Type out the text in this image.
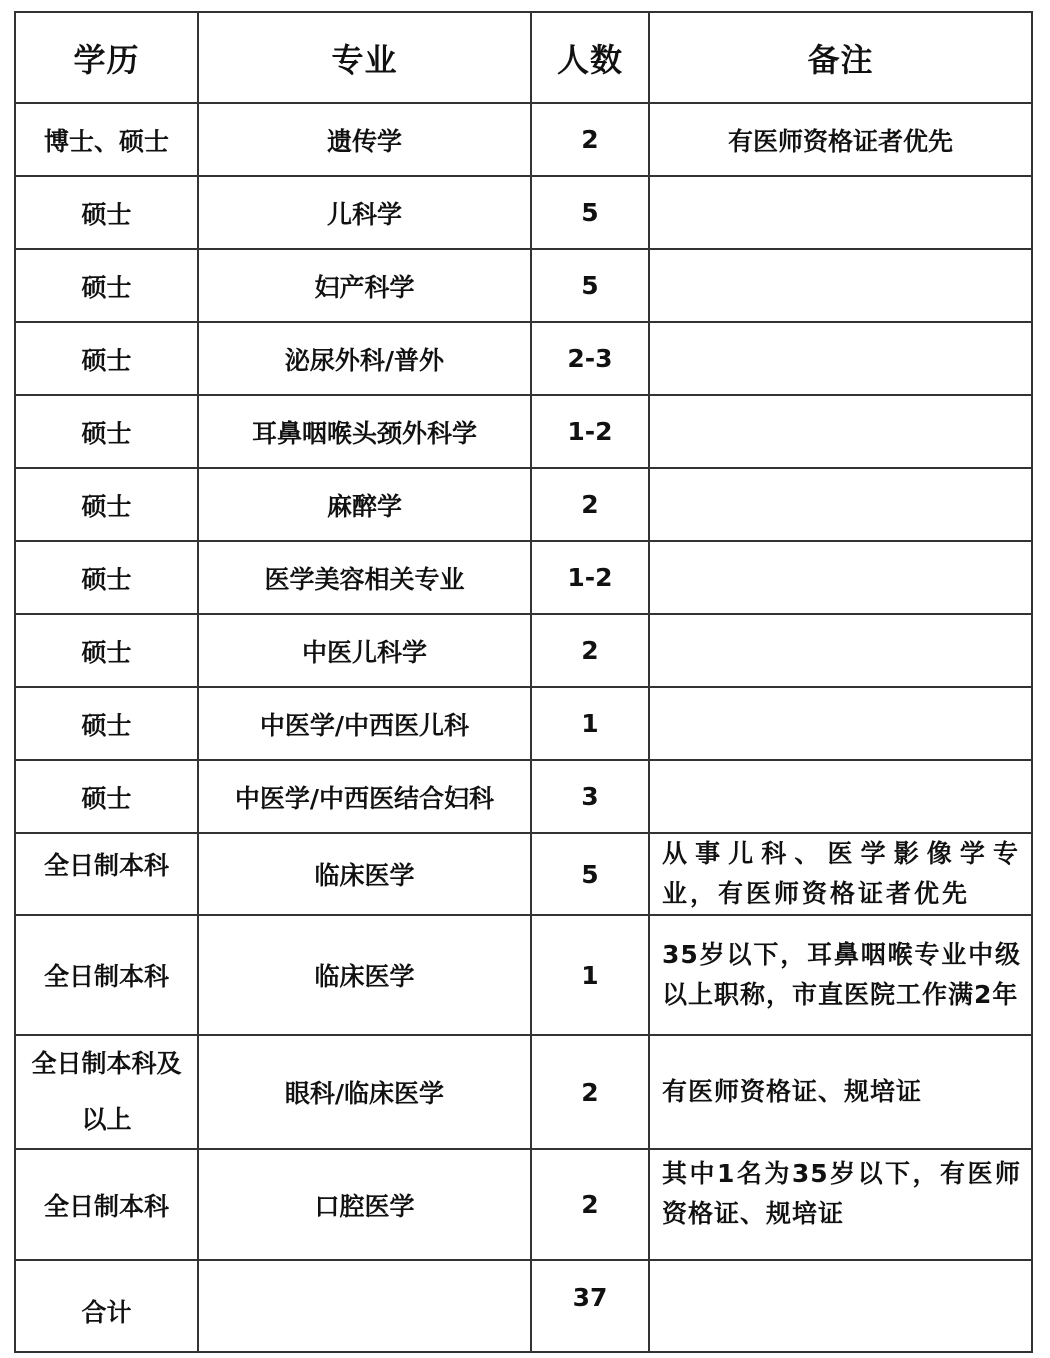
学历	专业	人数	备注
博士、硕士	遗传学	2	有医师资格证者优先
硕士	儿科学	5	
硕士	妇产科学	5	
硕士	泌尿外科/普外	2-3	
硕士	耳鼻咽喉头颈外科学	1-2	
硕士	麻醉学	2	
硕士	医学美容相关专业	1-2	
硕士	中医儿科学	2	
硕士	中医学/中西医儿科	1	
硕士	中医学/中西医结合妇科	3	
全日制本科	临床医学	5	从事儿科、医学影像学专业，有医师资格证者优先
全日制本科	临床医学	1	35岁以下，耳鼻咽喉专业中级以上职称，市直医院工作满2年
全日制本科及以上	眼科/临床医学	2	有医师资格证、规培证
全日制本科	口腔医学	2	其中1名为35岁以下，有医师资格证、规培证
合计		37	
